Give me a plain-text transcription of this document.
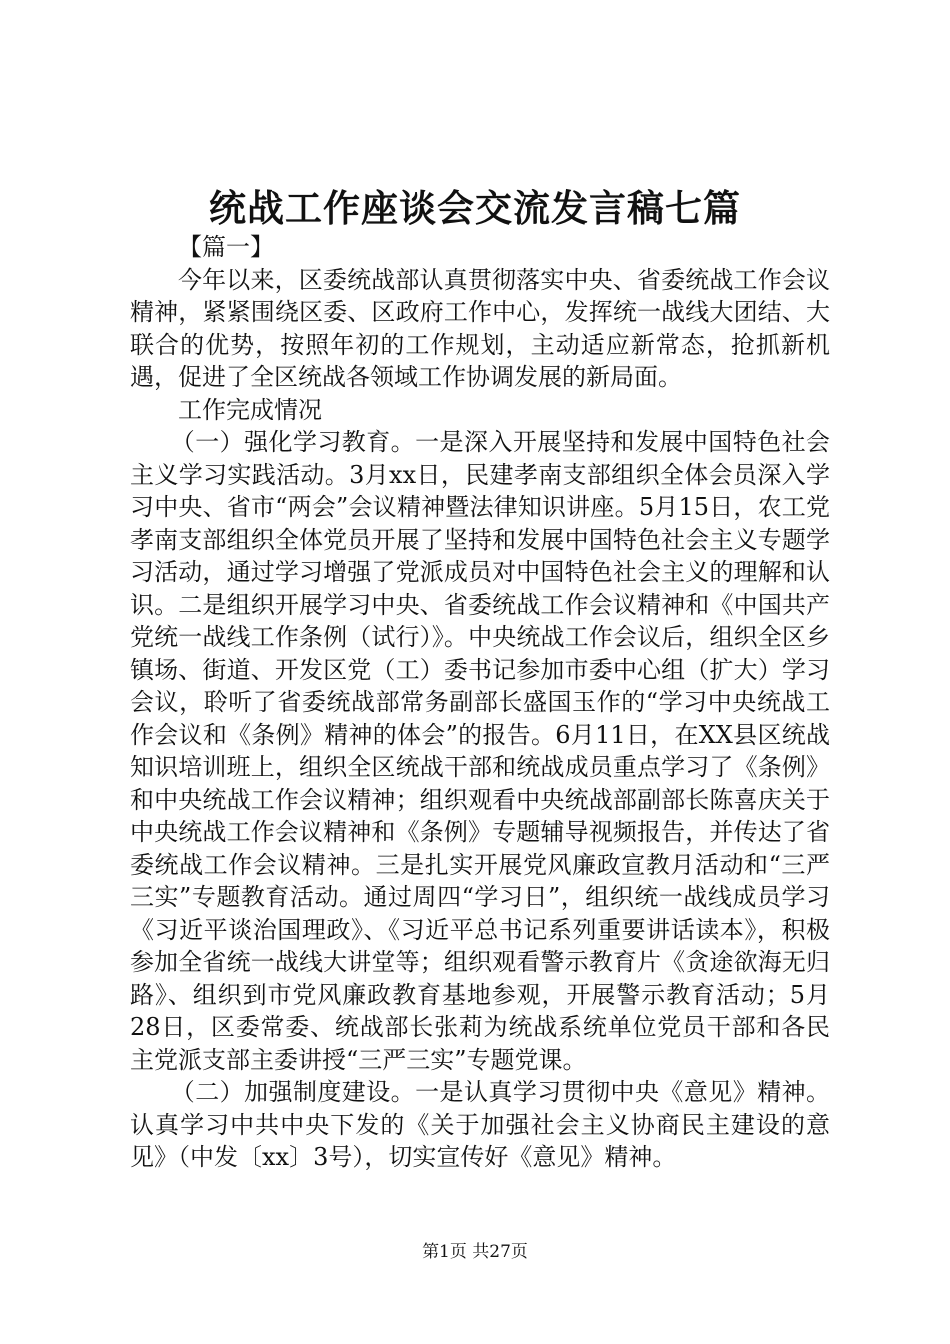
统战工作座谈会交流发言稿七篇

【篇一】

今年以来，区委统战部认真贯彻落实中央、省委统战工作会议精神，紧紧围绕区委、区政府工作中心，发挥统一战线大团结、大联合的优势，按照年初的工作规划，主动适应新常态，抢抓新机遇，促进了全区统战各领域工作协调发展的新局面。

工作完成情况

（一）强化学习教育。一是深入开展坚持和发展中国特色社会主义学习实践活动。3月xx日，民建孝南支部组织全体会员深入学习中央、省市“两会”会议精神暨法律知识讲座。5月15日，农工党孝南支部组织全体党员开展了坚持和发展中国特色社会主义专题学习活动，通过学习增强了党派成员对中国特色社会主义的理解和认识。二是组织开展学习中央、省委统战工作会议精神和《中国共产党统一战线工作条例（试行）》。中央统战工作会议后，组织全区乡镇场、街道、开发区党（工）委书记参加市委中心组（扩大）学习会议，聆听了省委统战部常务副部长盛国玉作的“学习中央统战工作会议和《条例》精神的体会”的报告。6月11日，在XX县区统战知识培训班上，组织全区统战干部和统战成员重点学习了《条例》和中央统战工作会议精神；组织观看中央统战部副部长陈喜庆关于中央统战工作会议精神和《条例》专题辅导视频报告，并传达了省委统战工作会议精神。三是扎实开展党风廉政宣教月活动和“三严三实”专题教育活动。通过周四“学习日”，组织统一战线成员学习《习近平谈治国理政》、《习近平总书记系列重要讲话读本》，积极参加全省统一战线大讲堂等；组织观看警示教育片《贪途欲海无归路》、组织到市党风廉政教育基地参观，开展警示教育活动；5月28日，区委常委、统战部长张莉为统战系统单位党员干部和各民主党派支部主委讲授“三严三实”专题党课。

（二）加强制度建设。一是认真学习贯彻中央《意见》精神。认真学习中共中央下发的《关于加强社会主义协商民主建设的意见》（中发〔xx〕3号），切实宣传好《意见》精神。

第1页 共27页
